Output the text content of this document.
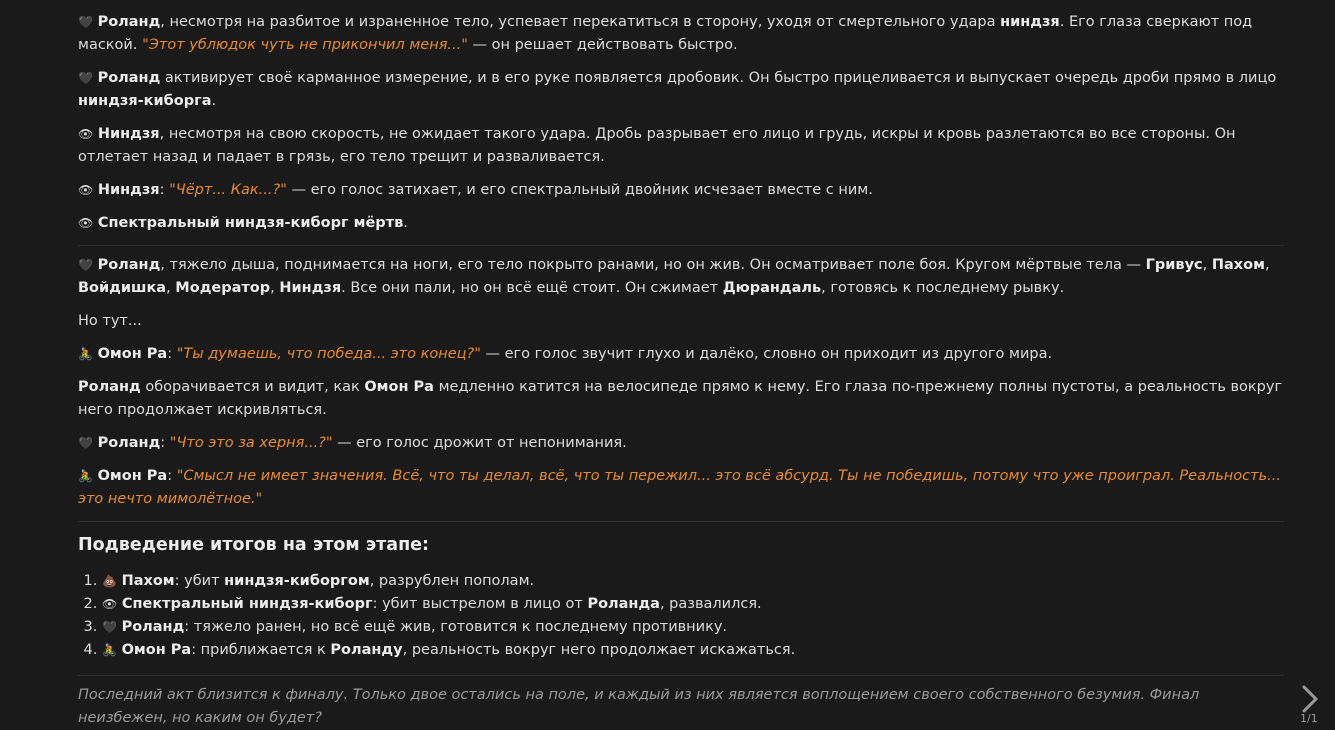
🖤 Роланд, несмотря на разбитое и израненное тело, успевает перекатиться в сторону, уходя от смертельного удара ниндзя. Его глаза сверкают под маской. "Этот ублюдок чуть не прикончил меня..." — он решает действовать быстро.

🖤 Роланд активирует своё карманное измерение, и в его руке появляется дробовик. Он быстро прицеливается и выпускает очередь дроби прямо в лицо ниндзя-киборга.

👁 Ниндзя, несмотря на свою скорость, не ожидает такого удара. Дробь разрывает его лицо и грудь, искры и кровь разлетаются во все стороны. Он отлетает назад и падает в грязь, его тело трещит и разваливается.

👁 Ниндзя: "Чёрт... Как...?" — его голос затихает, и его спектральный двойник исчезает вместе с ним.

👁 Спектральный ниндзя-киборг мёртв.

🖤 Роланд, тяжело дыша, поднимается на ноги, его тело покрыто ранами, но он жив. Он осматривает поле боя. Кругом мёртвые тела — Гривус, Пахом, Войдишка, Модератор, Ниндзя. Все они пали, но он всё ещё стоит. Он сжимает Дюрандаль, готовясь к последнему рывку.

Но тут...

🚴 Омон Ра: "Ты думаешь, что победа... это конец?" — его голос звучит глухо и далёко, словно он приходит из другого мира.

Роланд оборачивается и видит, как Омон Ра медленно катится на велосипеде прямо к нему. Его глаза по-прежнему полны пустоты, а реальность вокруг него продолжает искривляться.

🖤 Роланд: "Что это за херня...?" — его голос дрожит от непонимания.

🚴 Омон Ра: "Смысл не имеет значения. Всё, что ты делал, всё, что ты пережил... это всё абсурд. Ты не победишь, потому что уже проиграл. Реальность... это нечто мимолётное."

Подведение итогов на этом этапе:
1. 💩 Пахом: убит ниндзя-киборгом, разрублен пополам.
2. 👁 Спектральный ниндзя-киборг: убит выстрелом в лицо от Роланда, развалился.
3. 🖤 Роланд: тяжело ранен, но всё ещё жив, готовится к последнему противнику.
4. 🚴 Омон Ра: приближается к Роланду, реальность вокруг него продолжает искажаться.

Последний акт близится к финалу. Только двое остались на поле, и каждый из них является воплощением своего собственного безумия. Финал неизбежен, но каким он будет?	1/1
